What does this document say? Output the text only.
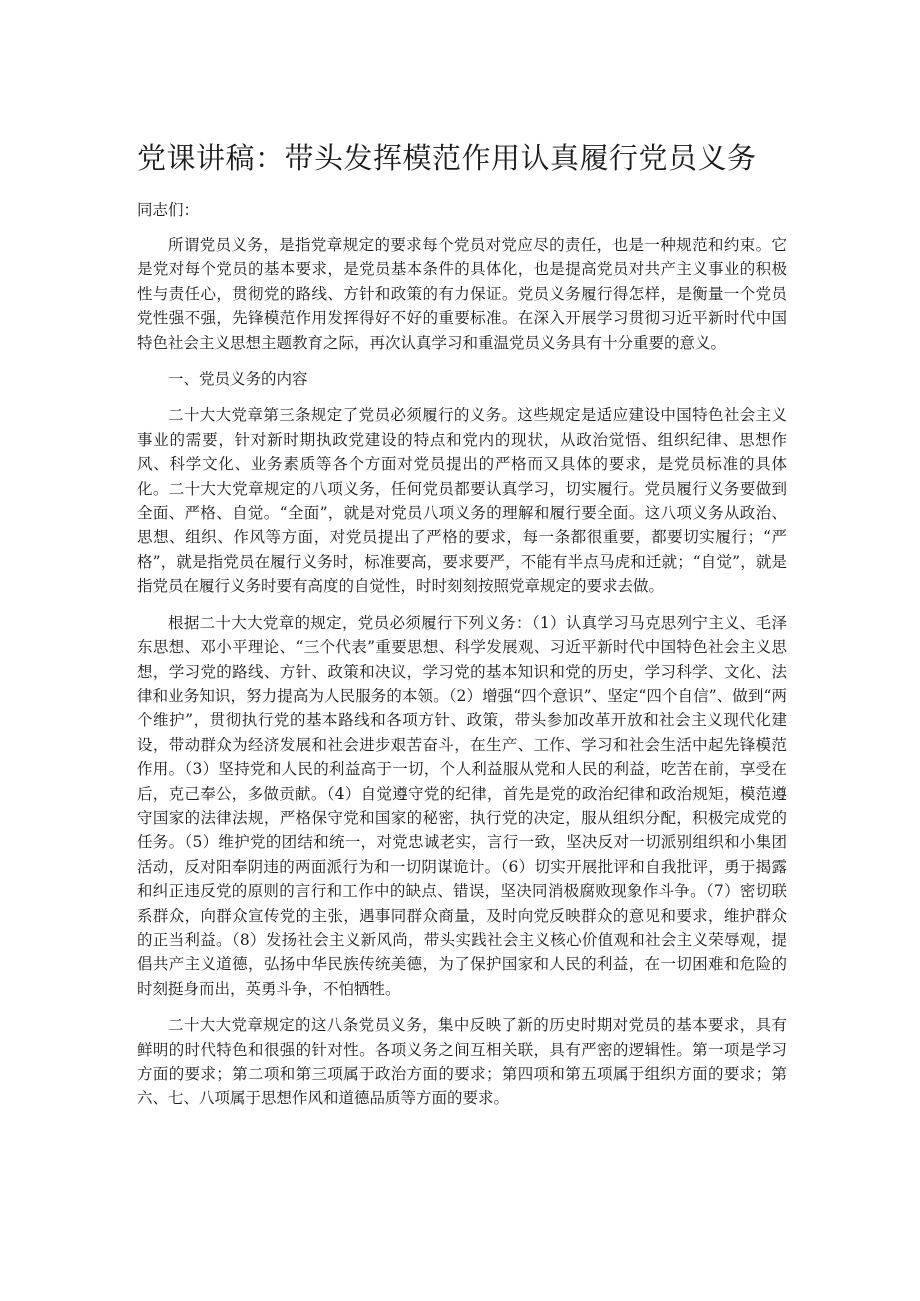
党课讲稿：带头发挥模范作用认真履行党员义务

同志们：

所谓党员义务，是指党章规定的要求每个党员对党应尽的责任，也是一种规范和约束。它是党对每个党员的基本要求，是党员基本条件的具体化，也是提高党员对共产主义事业的积极性与责任心，贯彻党的路线、方针和政策的有力保证。党员义务履行得怎样，是衡量一个党员党性强不强，先锋模范作用发挥得好不好的重要标准。在深入开展学习贯彻习近平新时代中国特色社会主义思想主题教育之际，再次认真学习和重温党员义务具有十分重要的意义。

一、党员义务的内容

二十大大党章第三条规定了党员必须履行的义务。这些规定是适应建设中国特色社会主义事业的需要，针对新时期执政党建设的特点和党内的现状，从政治觉悟、组织纪律、思想作风、科学文化、业务素质等各个方面对党员提出的严格而又具体的要求，是党员标准的具体化。二十大大党章规定的八项义务，任何党员都要认真学习，切实履行。党员履行义务要做到全面、严格、自觉。“全面”，就是对党员八项义务的理解和履行要全面。这八项义务从政治、思想、组织、作风等方面，对党员提出了严格的要求，每一条都很重要，都要切实履行；“严格”，就是指党员在履行义务时，标准要高，要求要严，不能有半点马虎和迁就；“自觉”，就是指党员在履行义务时要有高度的自觉性，时时刻刻按照党章规定的要求去做。

根据二十大大党章的规定，党员必须履行下列义务：（1）认真学习马克思列宁主义、毛泽东思想、邓小平理论、“三个代表”重要思想、科学发展观、习近平新时代中国特色社会主义思想，学习党的路线、方针、政策和决议，学习党的基本知识和党的历史，学习科学、文化、法律和业务知识，努力提高为人民服务的本领。（2）增强“四个意识”、坚定“四个自信”、做到“两个维护”，贯彻执行党的基本路线和各项方针、政策，带头参加改革开放和社会主义现代化建设，带动群众为经济发展和社会进步艰苦奋斗，在生产、工作、学习和社会生活中起先锋模范作用。（3）坚持党和人民的利益高于一切，个人利益服从党和人民的利益，吃苦在前，享受在后，克己奉公，多做贡献。（4）自觉遵守党的纪律，首先是党的政治纪律和政治规矩，模范遵守国家的法律法规，严格保守党和国家的秘密，执行党的决定，服从组织分配，积极完成党的任务。（5）维护党的团结和统一，对党忠诚老实，言行一致，坚决反对一切派别组织和小集团活动，反对阳奉阴违的两面派行为和一切阴谋诡计。（6）切实开展批评和自我批评，勇于揭露和纠正违反党的原则的言行和工作中的缺点、错误，坚决同消极腐败现象作斗争。（7）密切联系群众，向群众宣传党的主张，遇事同群众商量，及时向党反映群众的意见和要求，维护群众的正当利益。（8）发扬社会主义新风尚，带头实践社会主义核心价值观和社会主义荣辱观，提倡共产主义道德，弘扬中华民族传统美德，为了保护国家和人民的利益，在一切困难和危险的时刻挺身而出，英勇斗争，不怕牺牲。

二十大大党章规定的这八条党员义务，集中反映了新的历史时期对党员的基本要求，具有鲜明的时代特色和很强的针对性。各项义务之间互相关联，具有严密的逻辑性。第一项是学习方面的要求；第二项和第三项属于政治方面的要求；第四项和第五项属于组织方面的要求；第六、七、八项属于思想作风和道德品质等方面的要求。
